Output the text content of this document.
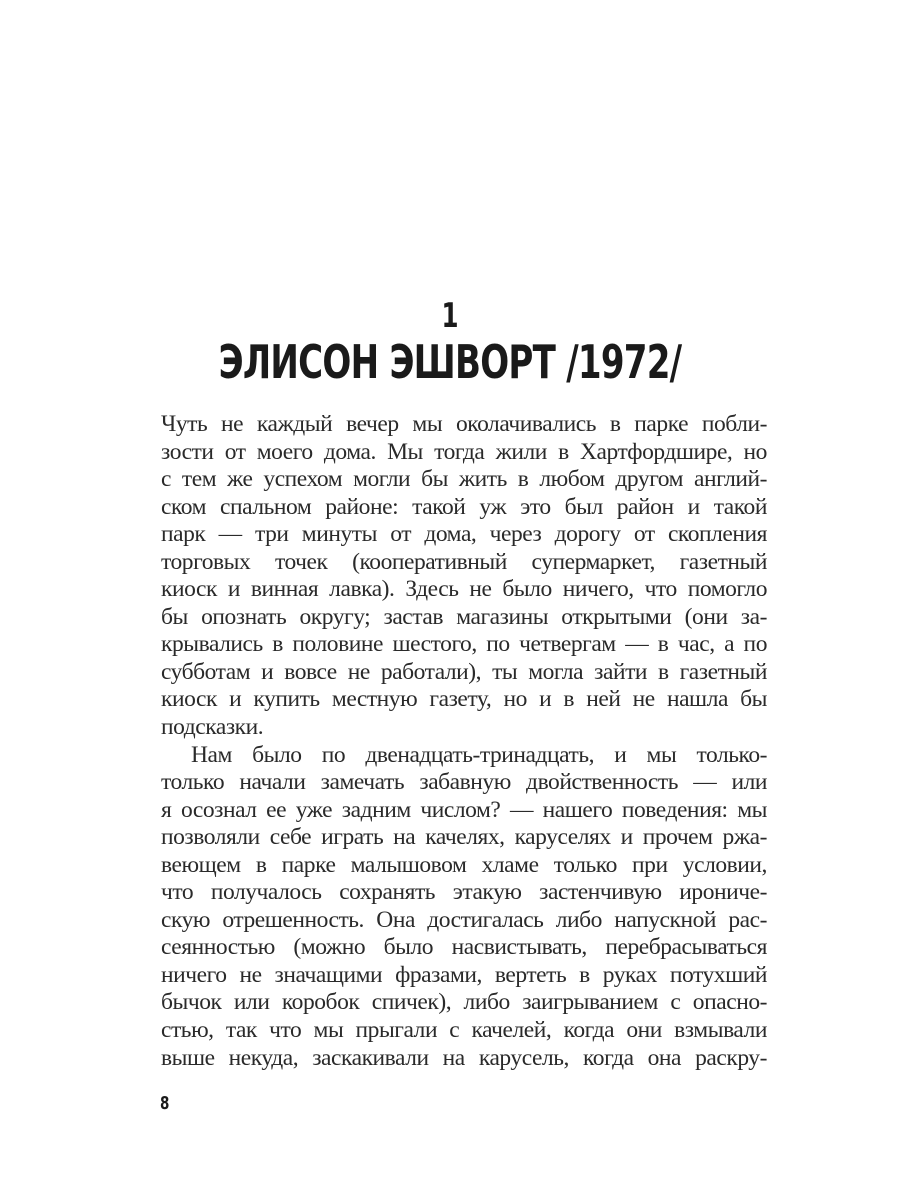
1
ЭЛИСОН ЭШВОРТ /1972/
Чуть не каждый вечер мы околачивались в парке побли-
зости от моего дома. Мы тогда жили в Хартфордшире, но
с тем же успехом могли бы жить в любом другом англий-
ском спальном районе: такой уж это был район и такой
парк — три минуты от дома, через дорогу от скопления
торговых точек (кооперативный супермаркет, газетный
киоск и винная лавка). Здесь не было ничего, что помогло
бы опознать округу; застав магазины открытыми (они за-
крывались в половине шестого, по четвергам — в час, а по
субботам и вовсе не работали), ты могла зайти в газетный
киоск и купить местную газету, но и в ней не нашла бы
подсказки.
Нам было по двенадцать-тринадцать, и мы только-
только начали замечать забавную двойственность — или
я осознал ее уже задним числом? — нашего поведения: мы
позволяли себе играть на качелях, каруселях и прочем ржа-
веющем в парке малышовом хламе только при условии,
что получалось сохранять этакую застенчивую ирониче-
скую отрешенность. Она достигалась либо напускной рас-
сеянностью (можно было насвистывать, перебрасываться
ничего не значащими фразами, вертеть в руках потухший
бычок или коробок спичек), либо заигрыванием с опасно-
стью, так что мы прыгали с качелей, когда они взмывали
выше некуда, заскакивали на карусель, когда она раскру-
8
